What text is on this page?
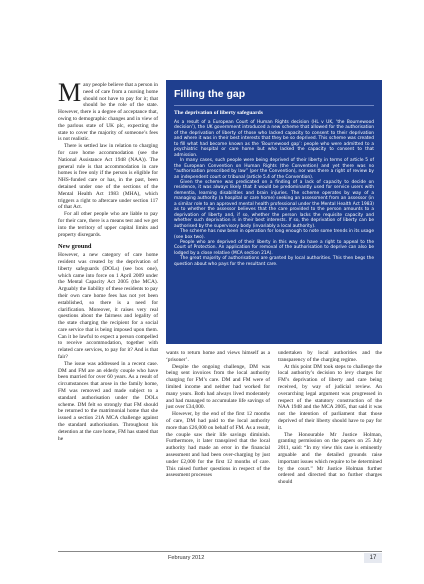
Many people believe that a person in need of care from a nursing home should not have to pay for it; that should be the role of the state. However, there is a degree of acceptance that, owing to demographic changes and in view of the parlous state of UK plc, expecting the state to cover the majority of someone’s fees is not realistic.

There is settled law in relation to charging for care home accommodation (see the National Assistance Act 1948 (NAA)). The general rule is that accommodation in care homes is free only if the person is eligible for NHS-funded care or has, in the past, been detained under one of the sections of the Mental Health Act 1983 (MHA), which triggers a right to aftercare under section 117 of that Act.

For all other people who are liable to pay for their care, there is a means test and we get into the territory of upper capital limits and property disregards.

New ground

However, a new category of care home resident was created by the deprivation of liberty safeguards (DOLs) (see box one), which came into force on 1 April 2009 under the Mental Capacity Act 2005 (the MCA). Arguably the liability of these residents to pay their own care home fees has not yet been established, so there is a need for clarification. Moreover, it raises very real questions about the fairness and legality of the state charging the recipient for a social care service that is being imposed upon them. Can it be lawful to expect a person compelled to receive accommodation, together with related care services, to pay for it? And is that fair?

The issue was addressed in a recent case. DM and FM are an elderly couple who have been married for over 60 years. As a result of circumstances that arose in the family home, FM was removed and made subject to a standard authorisation under the DOLs scheme. DM felt so strongly that FM should be returned to the matrimonial home that she issued a section 21A MCA challenge against the standard authorisation. Throughout his detention at the care home, FM has stated that he

Filling the gap
The deprivation of liberty safeguards

As a result of a European Court of Human Rights decision (HL v UK, ‘the Bournewood decision’), the UK government introduced a new scheme that allowed for the authorisation of the deprivation of liberty of those who lacked capacity to consent to their deprivation and where it was in their best interests that they be so deprived. This scheme was created to fill what had become known as the ‘Bournewood gap’: people who were admitted to a psychiatric hospital or care home but who lacked the capacity to consent to that admission.

In many cases, such people were being deprived of their liberty in terms of article 5 of the European Convention on Human Rights (the Convention) and yet there was no “authorisation prescribed by law” (per the Convention), nor was there a right of review by an independent court or tribunal (article 5.4 of the Convention).

Given the scheme was predicated on a finding of a lack of capacity to decide on residence, it was always likely that it would be predominantly used for service users with dementia, learning disabilities and brain injuries. The scheme operates by way of a managing authority (a hospital or care home) seeking an assessment from an assessor (in a similar role to an approved mental health professional under the Mental Health Act 1983) as to whether the assessor believes that the care provided to the person amounts to a deprivation of liberty and, if so, whether the person lacks the requisite capacity and whether such deprivation is in their best interests. If so, the deprivation of liberty can be authorised by the supervisory body (invariably a local authority).

The scheme has now been in operation for long enough to note some trends in its usage (see box two).

People who are deprived of their liberty in this way do have a right to appeal to the Court of Protection. An application for removal of the authorisation to deprive can also be lodged by a close relative (MCA section 21A).

The great majority of authorisations are granted by local authorities. This then begs the question about who pays for the resultant care.

wants to return home and views himself as a ‘prisoner’.

Despite the ongoing challenge, DM was being sent invoices from the local authority charging for FM’s care. DM and FM were of limited income and neither had worked for many years. Both had always lived moderately and had managed to accumulate life savings of just over £34,000.

However, by the end of the first 12 months of care, DM had paid to the local authority more than £26,000 on behalf of FM. As a result, the couple saw their life savings diminish. Furthermore, it later transpired that the local authority had made an error in the financial assessment and had been over-charging by just under £2,000 for the first 12 months of care. This raised further questions in respect of the assessment processes

undertaken by local authorities and the transparency of the charging regime.

At this point DM took steps to challenge the local authority’s decision to levy charges for FM’s deprivation of liberty and care being received, by way of judicial review. An overarching legal argument was progressed in respect of the statutory construction of the NAA 1948 and the MCA 2005, that said it was not the intention of parliament that those deprived of their liberty should have to pay for it.

The Honourable Mr Justice Holman, granting permission on the papers on 25 July 2011, said: “In my view this case is eminently arguable and the detailed grounds raise important issues which require to be determined by the court.” Mr Justice Holman further ordered and directed that no further charges should

February 2012	17
